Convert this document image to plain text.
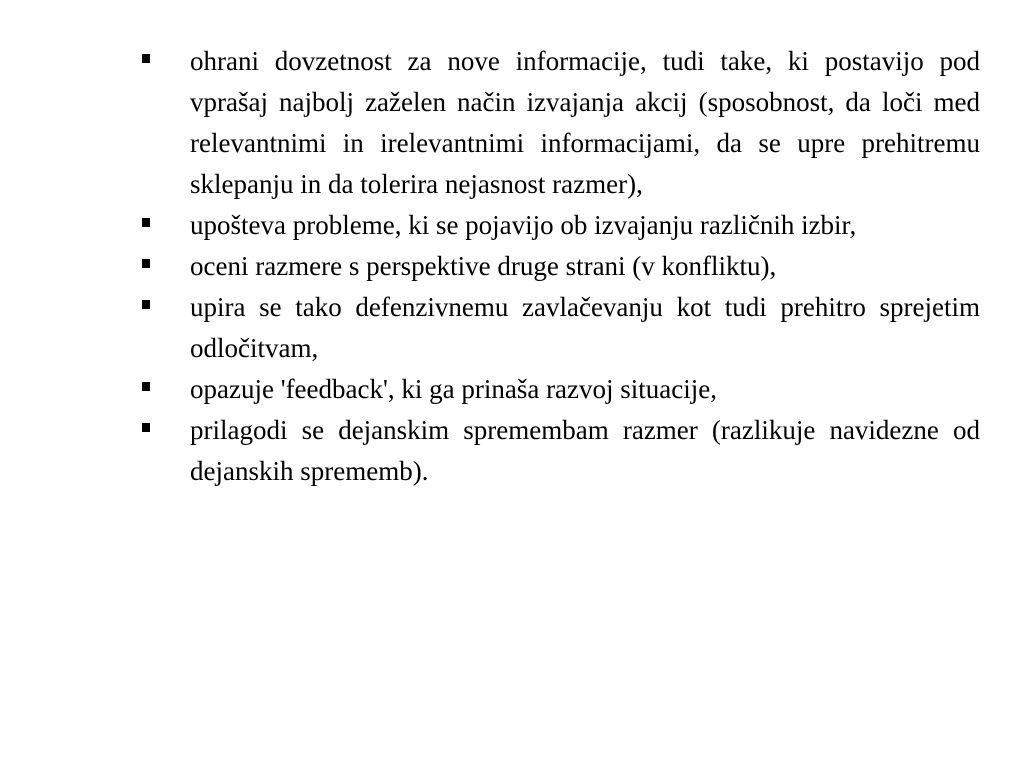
ohrani dovzetnost za nove informacije, tudi take, ki postavijo pod vprašaj najbolj zaželen način izvajanja akcij (sposobnost, da loči med relevantnimi in irelevantnimi informacijami, da se upre prehitremu sklepanju in da tolerira nejasnost razmer),
upošteva probleme, ki se pojavijo ob izvajanju različnih izbir,
oceni razmere s perspektive druge strani (v konfliktu),
upira se tako defenzivnemu zavlačevanju kot tudi prehitro sprejetim odločitvam,
opazuje 'feedback', ki ga prinaša razvoj situacije,
prilagodi se dejanskim spremembam razmer (razlikuje navidezne od dejanskih sprememb).
